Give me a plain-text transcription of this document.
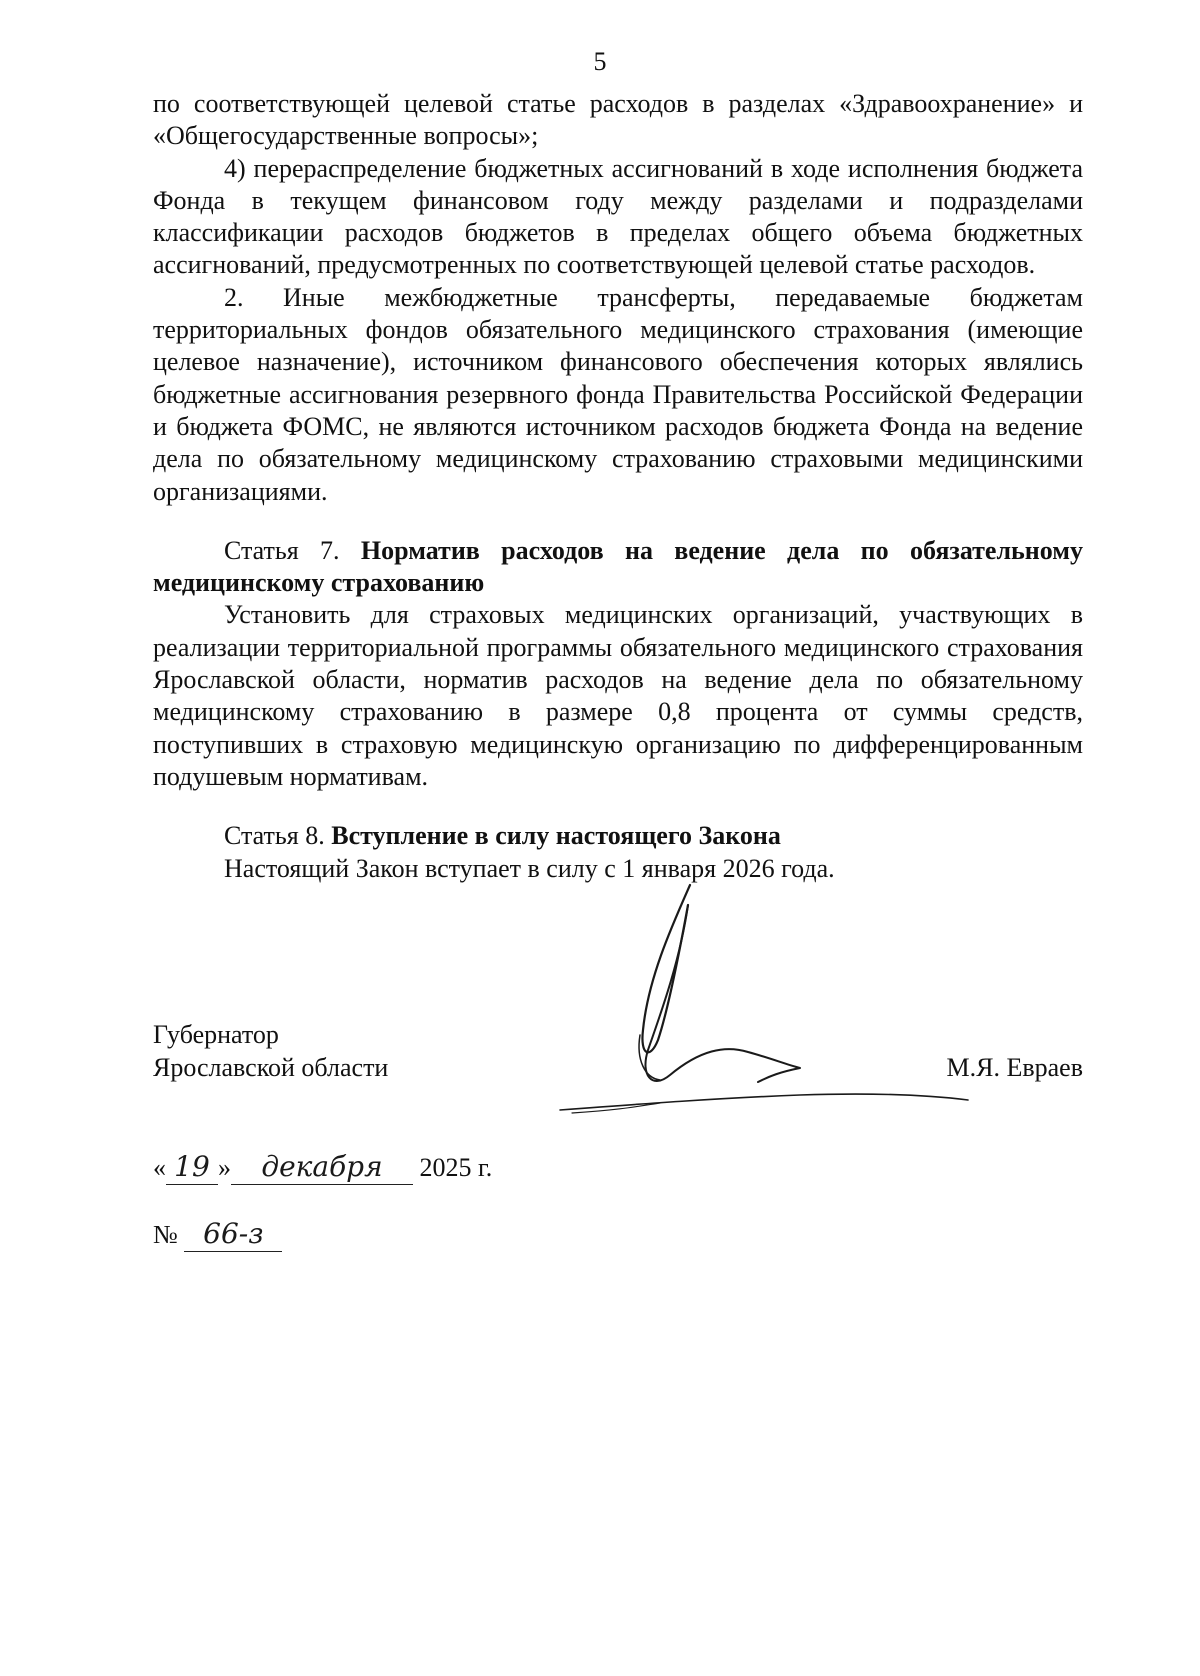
5

по соответствующей целевой статье расходов в разделах «Здравоохранение» и «Общегосударственные вопросы»;

4) перераспределение бюджетных ассигнований в ходе исполнения бюджета Фонда в текущем финансовом году между разделами и подразделами классификации расходов бюджетов в пределах общего объема бюджетных ассигнований, предусмотренных по соответствующей целевой статье расходов.

2. Иные межбюджетные трансферты, передаваемые бюджетам территориальных фондов обязательного медицинского страхования (имеющие целевое назначение), источником финансового обеспечения которых являлись бюджетные ассигнования резервного фонда Правительства Российской Федерации и бюджета ФОМС, не являются источником расходов бюджета Фонда на ведение дела по обязательному медицинскому страхованию страховыми медицинскими организациями.

Статья 7. Норматив расходов на ведение дела по обязательному медицинскому страхованию

Установить для страховых медицинских организаций, участвующих в реализации территориальной программы обязательного медицинского страхования Ярославской области, норматив расходов на ведение дела по обязательному медицинскому страхованию в размере 0,8 процента от суммы средств, поступивших в страховую медицинскую организацию по дифференцированным подушевым нормативам.

Статья 8. Вступление в силу настоящего Закона

Настоящий Закон вступает в силу с 1 января 2026 года.

Губернатор
Ярославской области	М.Я. Евраев
« 19 » декабря 2025 г.
№ 66-з
